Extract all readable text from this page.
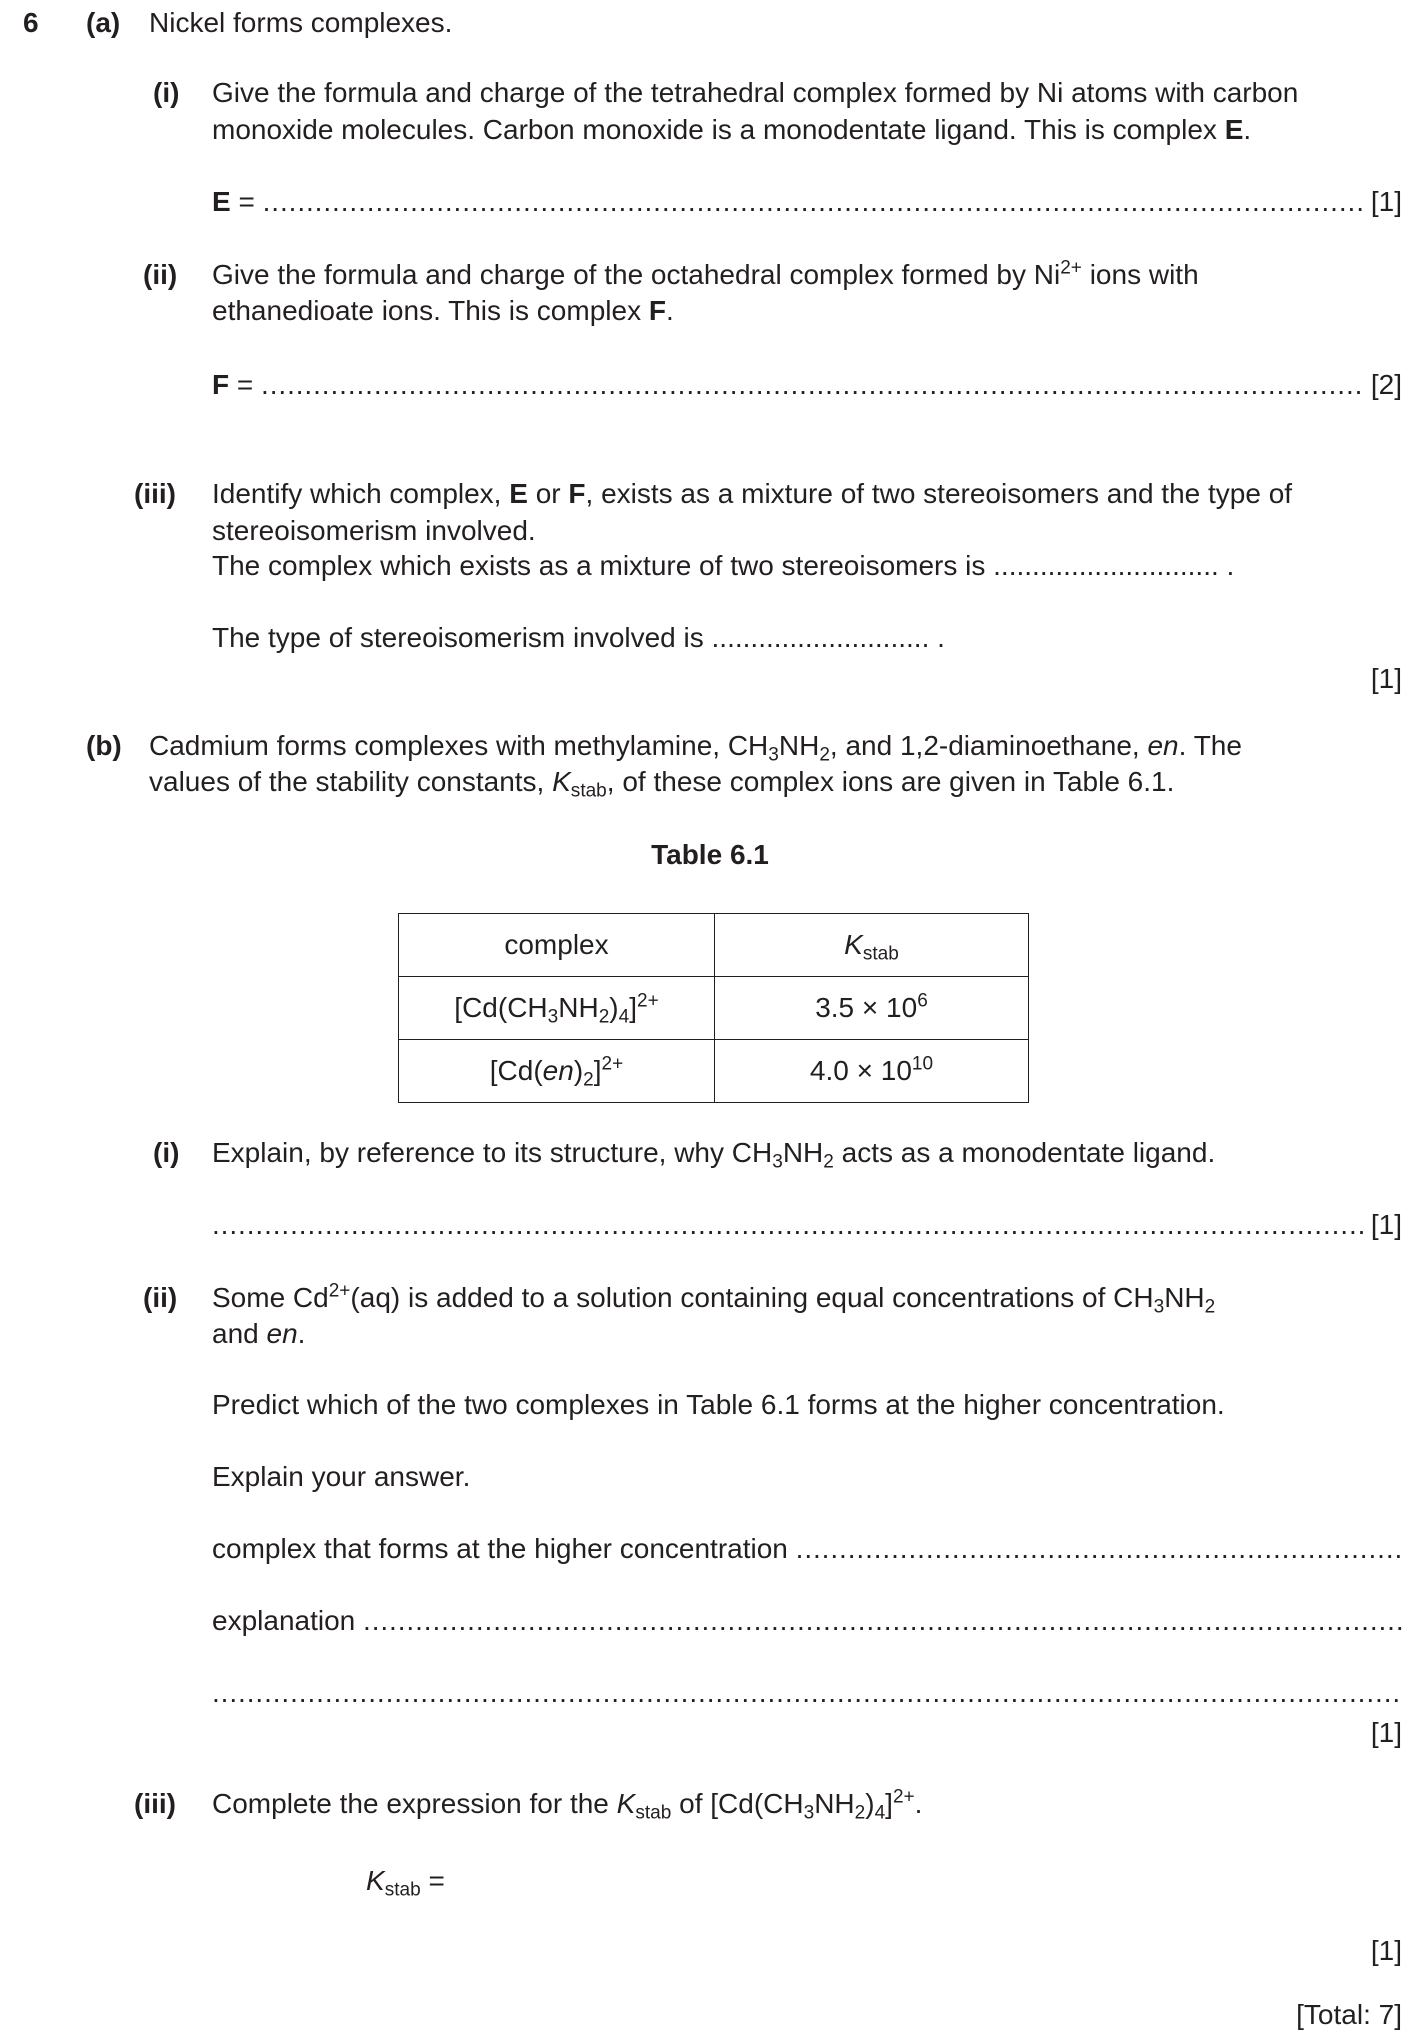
6 (a) Nickel forms complexes.
(i) Give the formula and charge of the tetrahedral complex formed by Ni atoms with carbon
monoxide molecules. Carbon monoxide is a monodentate ligand. This is complex E.
E = .....	[1]
(ii) Give the formula and charge of the octahedral complex formed by $Ni^{2+}$ ions with
ethanedioate ions. This is complex F.
F = .....	[2]
(iii) Identify which complex, E or F, exists as a mixture of two stereoisomers and the type of
stereoisomerism involved.
The complex which exists as a mixture of two stereoisomers is ............................. .
The type of stereoisomerism involved is ............................ .
[1]
(b) Cadmium forms complexes with methylamine, $CH_3NH_2$, and 1,2-diaminoethane, en. The
values of the stability constants, $K_{stab}$, of these complex ions are given in Table 6.1.
Table 6.1
complex	$K_{stab}$
$[Cd(CH_3NH_2)_4]^{2+}$	$3.5 \times 10^6$
$[Cd(en)_2]^{2+}$	$4.0 \times 10^{10}$
(i) Explain, by reference to its structure, why $CH_3NH_2$ acts as a monodentate ligand.
.....
[1]
(ii) Some $Cd^{2+}(aq)$ is added to a solution containing equal concentrations of $CH_3NH_2$
and en.
Predict which of the two complexes in Table 6.1 forms at the higher concentration.
Explain your answer.
complex that forms at the higher concentration
.....
explanation
.....
.....
[1]
(iii) Complete the expression for the $K_{stab}$ of $[Cd(CH_3NH_2)_4]^{2+}$.
$K_{stab}$ =
[1]
[Total: 7]
